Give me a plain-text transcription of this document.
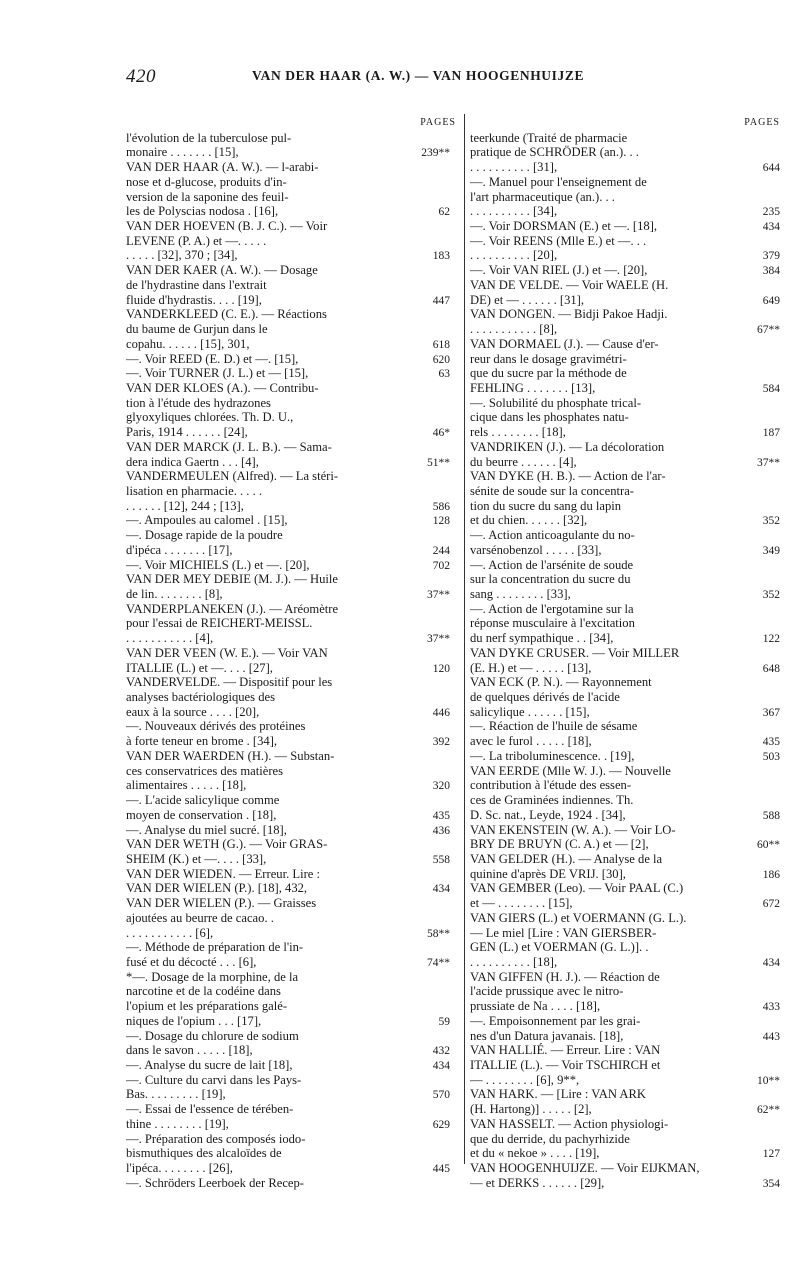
420	VAN DER HAAR (A. W.) — VAN HOOGENHUIJZE
PAGES
l'évolution de la tuberculose pul-
monaire . . . . . . . [15],	239**
VAN DER HAAR (A. W.). — l-arabi-
nose et d-glucose, produits d'in-
version de la saponine des feuil-
les de Polyscias nodosa . [16],	62
VAN DER HOEVEN (B. J. C.). — Voir
LEVENE (P. A.) et —. . . . .
. . . . . [32], 370 ; [34],	183
VAN DER KAER (A. W.). — Dosage
de l'hydrastine dans l'extrait
fluide d'hydrastis. . . . [19],	447
VANDERKLEED (C. E.). — Réactions
du baume de Gurjun dans le
copahu. . . . . . [15], 301,	618
—. Voir REED (E. D.) et —. [15],	620
—. Voir TURNER (J. L.) et — [15],	63
VAN DER KLOES (A.). — Contribu-
tion à l'étude des hydrazones
glyoxyliques chlorées. Th. D. U.,
Paris, 1914 . . . . . . [24],	46*
VAN DER MARCK (J. L. B.). — Sama-
dera indica Gaertn . . . [4],	51**
VANDERMEULEN (Alfred). — La stéri-
lisation en pharmacie. . . . .
. . . . . . [12], 244 ; [13],	586
—. Ampoules au calomel . [15],	128
—. Dosage rapide de la poudre
d'ipéca . . . . . . . [17],	244
—. Voir MICHIELS (L.) et —. [20],	702
VAN DER MEY DEBIE (M. J.). — Huile
de lin. . . . . . . . [8],	37**
VANDERPLANEKEN (J.). — Aréomètre
pour l'essai de REICHERT-MEISSL.
. . . . . . . . . . . [4],	37**
VAN DER VEEN (W. E.). — Voir VAN
ITALLIE (L.) et —. . . . [27],	120
VANDERVELDE. — Dispositif pour les
analyses bactériologiques des
eaux à la source . . . . [20],	446
—. Nouveaux dérivés des protéines
à forte teneur en brome . [34],	392
VAN DER WAERDEN (H.). — Substan-
ces conservatrices des matières
alimentaires . . . . . [18],	320
—. L'acide salicylique comme
moyen de conservation . [18],	435
—. Analyse du miel sucré. [18],	436
VAN DER WETH (G.). — Voir GRAS-
SHEIM (K.) et —. . . . [33],	558
VAN DER WIEDEN. — Erreur. Lire :
VAN DER WIELEN (P.). [18], 432,	434
VAN DER WIELEN (P.). — Graisses
ajoutées au beurre de cacao. .
. . . . . . . . . . . [6],	58**
—. Méthode de préparation de l'in-
fusé et du décocté . . . [6],	74**
*—. Dosage de la morphine, de la
narcotine et de la codéine dans
l'opium et les préparations galé-
niques de l'opium . . . [17],	59
—. Dosage du chlorure de sodium
dans le savon . . . . . [18],	432
—. Analyse du sucre de lait [18],	434
—. Culture du carvi dans les Pays-
Bas. . . . . . . . . [19],	570
—. Essai de l'essence de térében-
thine . . . . . . . . [19],	629
—. Préparation des composés iodo-
bismuthiques des alcaloïdes de
l'ipéca. . . . . . . . [26],	445
—. Schröders Leerboek der Recep-
PAGES
teerkunde (Traité de pharmacie
pratique de SCHRÖDER (an.). . .
. . . . . . . . . . [31],	644
—. Manuel pour l'enseignement de
l'art pharmaceutique (an.). . .
. . . . . . . . . . [34],	235
—. Voir DORSMAN (E.) et —. [18],	434
—. Voir REENS (Mlle E.) et —. . .
. . . . . . . . . . [20],	379
—. Voir VAN RIEL (J.) et —. [20],	384
VAN DE VELDE. — Voir WAELE (H.
DE) et — . . . . . . [31],	649
VAN DONGEN. — Bidji Pakoe Hadji.
. . . . . . . . . . . [8],	67**
VAN DORMAEL (J.). — Cause d'er-
reur dans le dosage gravimétri-
que du sucre par la méthode de
FEHLING . . . . . . . [13],	584
—. Solubilité du phosphate trical-
cique dans les phosphates natu-
rels . . . . . . . . [18],	187
VANDRIKEN (J.). — La décoloration
du beurre . . . . . . [4],	37**
VAN DYKE (H. B.). — Action de l'ar-
sénite de soude sur la concentra-
tion du sucre du sang du lapin
et du chien. . . . . . [32],	352
—. Action anticoagulante du no-
varsénobenzol . . . . . [33],	349
—. Action de l'arsénite de soude
sur la concentration du sucre du
sang . . . . . . . . [33],	352
—. Action de l'ergotamine sur la
réponse musculaire à l'excitation
du nerf sympathique . . [34],	122
VAN DYKE CRUSER. — Voir MILLER
(E. H.) et — . . . . . [13],	648
VAN ECK (P. N.). — Rayonnement
de quelques dérivés de l'acide
salicylique . . . . . . [15],	367
—. Réaction de l'huile de sésame
avec le furol . . . . . [18],	435
—. La triboluminescence. . [19],	503
VAN EERDE (Mlle W. J.). — Nouvelle
contribution à l'étude des essen-
ces de Graminées indiennes. Th.
D. Sc. nat., Leyde, 1924 . [34],	588
VAN EKENSTEIN (W. A.). — Voir LO-
BRY DE BRUYN (C. A.) et — [2],	60**
VAN GELDER (H.). — Analyse de la
quinine d'après DE VRIJ. [30],	186
VAN GEMBER (Leo). — Voir PAAL (C.)
et — . . . . . . . . [15],	672
VAN GIERS (L.) et VOERMANN (G. L.).
— Le miel [Lire : VAN GIERSBER-
GEN (L.) et VOERMAN (G. L.)]. .
. . . . . . . . . . [18],	434
VAN GIFFEN (H. J.). — Réaction de
l'acide prussique avec le nitro-
prussiate de Na . . . . [18],	433
—. Empoisonnement par les grai-
nes d'un Datura javanais. [18],	443
VAN HALLIÉ. — Erreur. Lire : VAN
ITALLIE (L.). — Voir TSCHIRCH et
— . . . . . . . . [6], 9**,	10**
VAN HARK. — [Lire : VAN ARK
(H. Hartong)] . . . . . [2],	62**
VAN HASSELT. — Action physiologi-
que du derride, du pachyrhizide
et du « nekoe » . . . . [19],	127
VAN HOOGENHUIJZE. — Voir EIJKMAN,
— et DERKS . . . . . . [29],	354
